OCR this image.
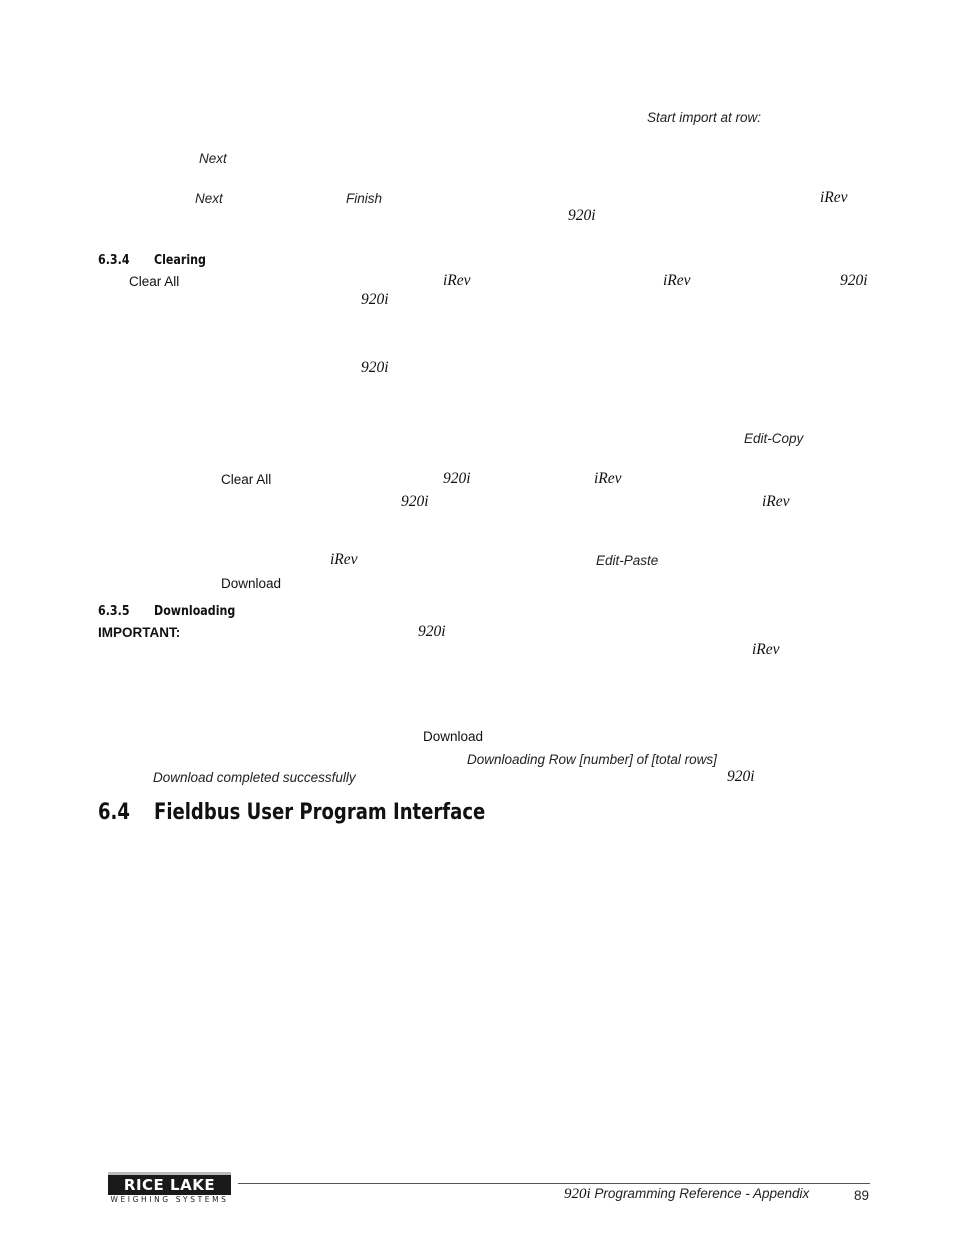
Start import at row:
Next
Next	Finish	iRev
920i
6.3.4 Clearing
Clear All	iRev	iRev	920i
920i
920i
Edit-Copy
Clear All	920i	iRev
920i	iRev
iRev	Edit-Paste
Download
6.3.5 Downloading
IMPORTANT:	920i
iRev
Download
Downloading Row [number] of [total rows]
Download completed successfully	920i
6.4 Fieldbus User Program Interface
RICE LAKE
WEIGHING SYSTEMS	920i Programming Reference - Appendix	89
